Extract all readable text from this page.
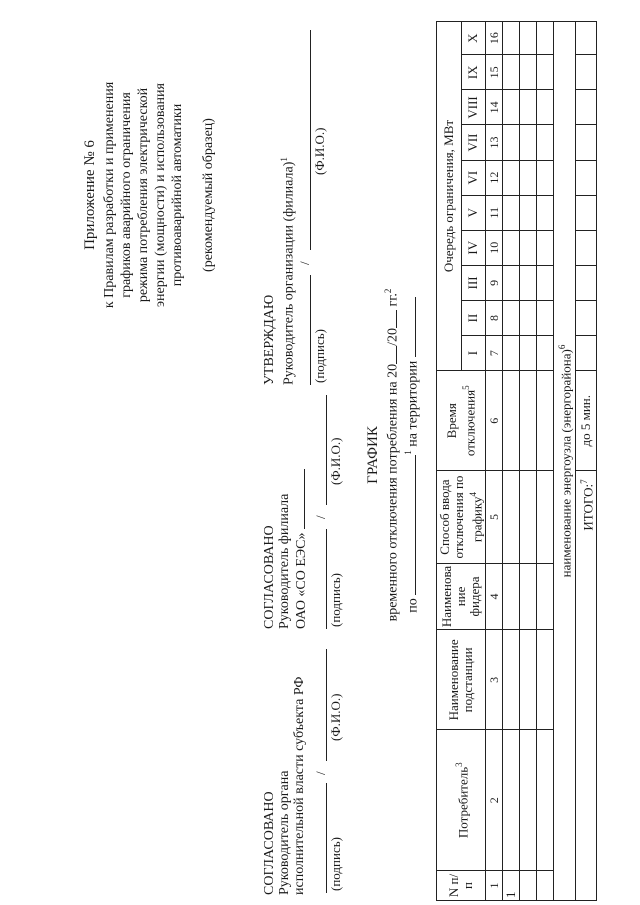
Приложение № 6 к Правилам разработки и применения графиков аварийного ограничения режима потребления электрической энергии (мощности) и использования противоаварийной автоматики (рекомендуемый образец)
УТВЕРЖДАЮ Руководитель организации (филиала)$^1$
/
(подпись)
(Ф.И.О.)
СОГЛАСОВАНО Руководитель филиала ОАО «СО ЕЭС»
/
(подпись)
(Ф.И.О.)
СОГЛАСОВАНО Руководитель органа исполнительной власти субъекта РФ /
(подпись)
(Ф.И.О.)
ГРАФИК временного отключения потребления на 20/20 гг.$^2$
по $^1$ на территории
N п/п	Потребитель$^3$	Наименование подстанции	Наименова ние фидера	Способ ввода отключения по графику$^4$	Время отключения$^5$	Очередь ограничения, МВт									
						I	II	III	IV	V	VI	VII	VIII	IX	X
1	2	3	4	5	6	7	8	9	10	11	12	13	14	15	16
1															

наименование энергоузла (энергорайона)$^6$
ИТОГО:$^7$					до 5 мин.										
